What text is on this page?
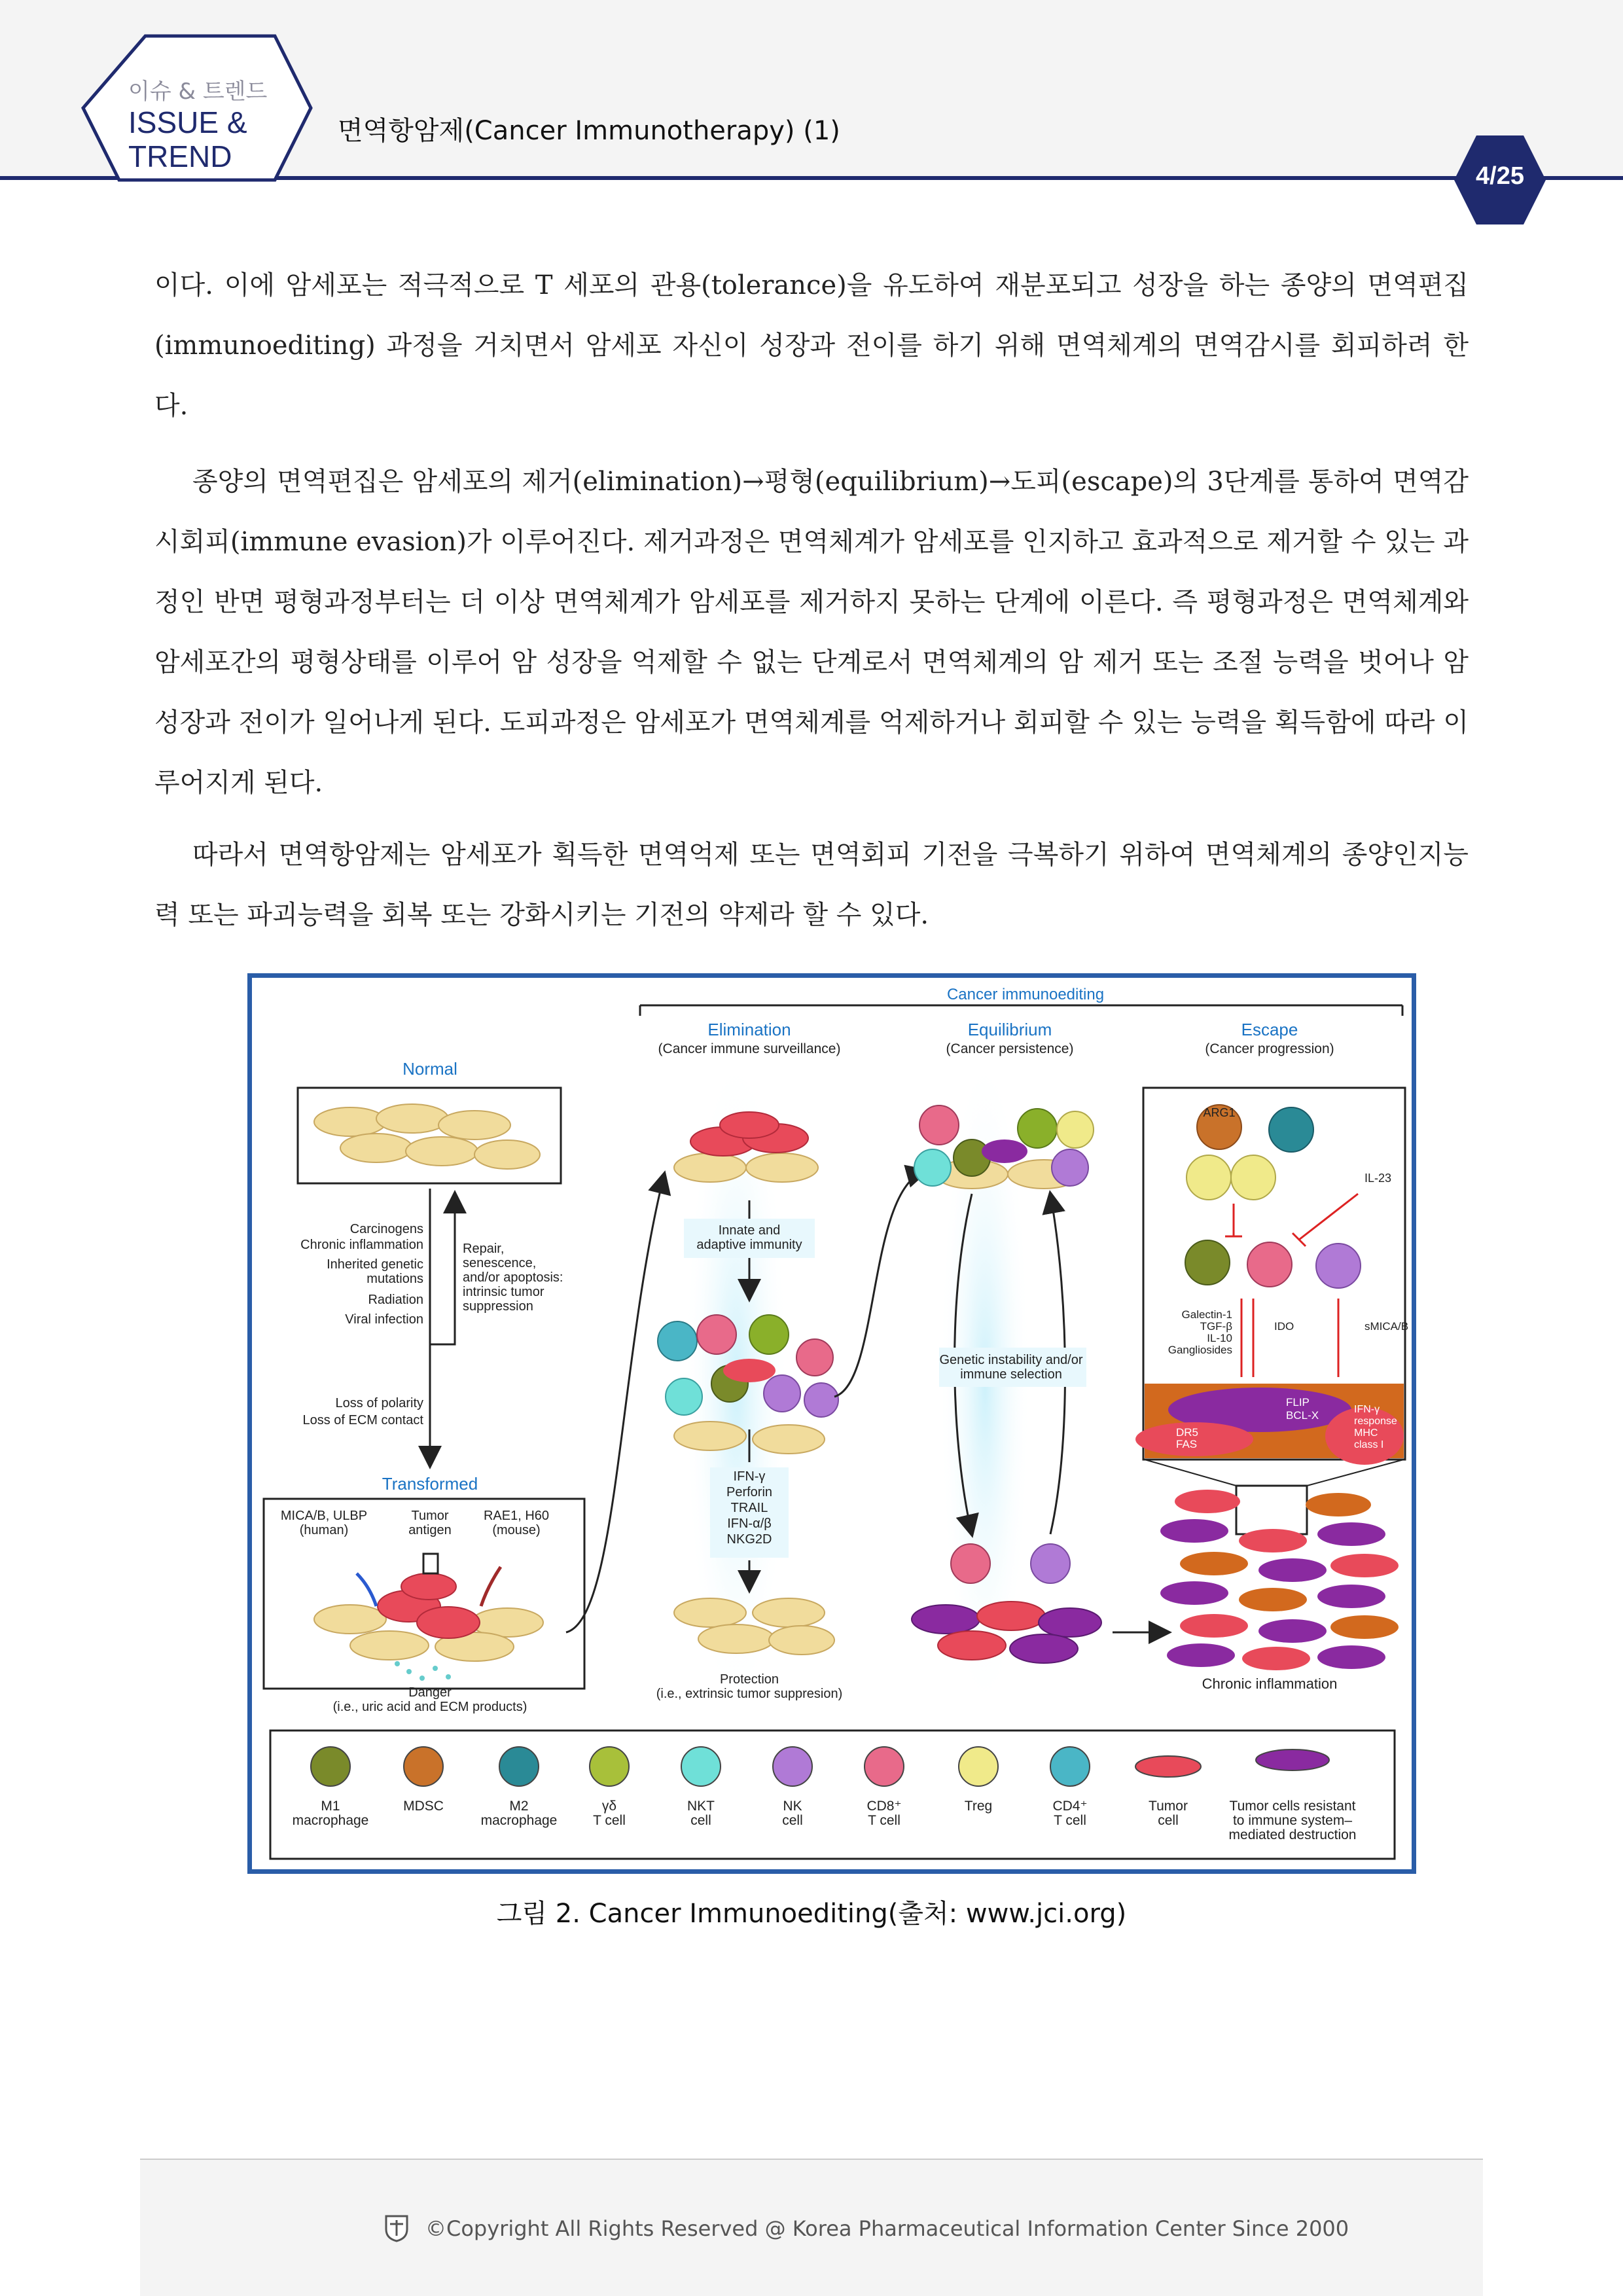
이슈 & 트렌드
ISSUE &
TREND
면역항암제(Cancer Immunotherapy) (1)
4/25

이다. 이에 암세포는 적극적으로 T 세포의 관용(tolerance)을 유도하여 재분포되고 성장을 하는 종양의 면역편집(immunoediting) 과정을 거치면서 암세포 자신이 성장과 전이를 하기 위해 면역체계의 면역감시를 회피하려 한다.

종양의 면역편집은 암세포의 제거(elimination)→평형(equilibrium)→도피(escape)의 3단계를 통하여 면역감시회피(immune evasion)가 이루어진다. 제거과정은 면역체계가 암세포를 인지하고 효과적으로 제거할 수 있는 과정인 반면 평형과정부터는 더 이상 면역체계가 암세포를 제거하지 못하는 단계에 이른다. 즉 평형과정은 면역체계와 암세포간의 평형상태를 이루어 암 성장을 억제할 수 없는 단계로서 면역체계의 암 제거 또는 조절 능력을 벗어나 암 성장과 전이가 일어나게 된다. 도피과정은 암세포가 면역체계를 억제하거나 회피할 수 있는 능력을 획득함에 따라 이루어지게 된다.

따라서 면역항암제는 암세포가 획득한 면역억제 또는 면역회피 기전을 극복하기 위하여 면역체계의 종양인지능력 또는 파괴능력을 회복 또는 강화시키는 기전의 약제라 할 수 있다.

Cancer immunoediting
Elimination
(Cancer immune surveillance)
Equilibrium
(Cancer persistence)
Escape
(Cancer progression)
Normal
Carcinogens
Chronic inflammation
Inherited genetic
mutations
Radiation
Viral infection
Repair,
senescence,
and/or apoptosis:
intrinsic tumor
suppression
Loss of polarity
Loss of ECM contact
Transformed
MICA/B, ULBP
(human)
Tumor
antigen
RAE1, H60
(mouse)
Danger
(i.e., uric acid and ECM products)
Innate and
adaptive immunity
IFN-γ
Perforin
TRAIL
IFN-α/β
NKG2D
Protection
(i.e., extrinsic tumor suppresion)
Genetic instability and/or
immune selection
ARG1
IL-23
Galectin-1
TGF-β
IL-10
Gangliosides
IDO	sMICA/B
FLIP
BCL-X
DR5
FAS
IFN-γ
response
MHC
class I
Chronic inflammation
M1
macrophage
MDSC	M2
macrophage
γδ
T cell
NKT
cell
NK
cell
CD8⁺
T cell
Treg	CD4⁺
T cell
Tumor
cell
Tumor cells resistant
to immune system–
mediated destruction
그림 2. Cancer Immunoediting(출처: www.jci.org)
©Copyright All Rights Reserved @ Korea Pharmaceutical Information Center Since 2000
